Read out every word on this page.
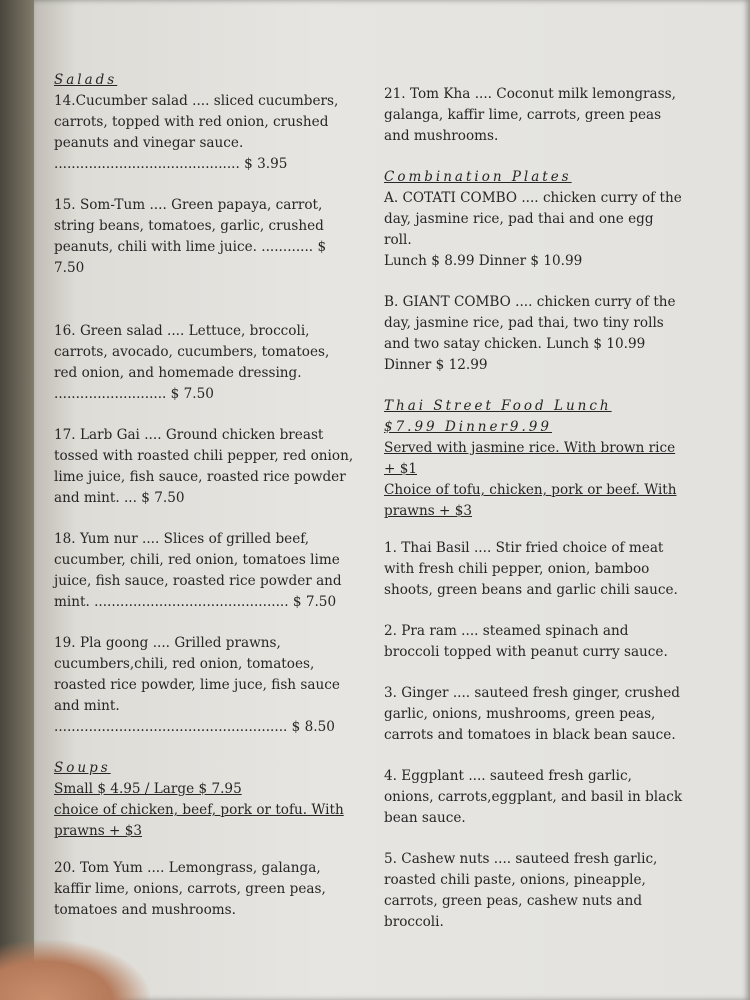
Salads
14.Cucumber salad .... sliced cucumbers, carrots, topped with red onion, crushed peanuts and vinegar sauce.
........................................... $ 3.95
15. Som-Tum .... Green papaya, carrot, string beans, tomatoes, garlic, crushed peanuts, chili with lime juice. ............ $ 7.50
16. Green salad .... Lettuce, broccoli, carrots, avocado, cucumbers, tomatoes, red onion, and homemade dressing. .......................... $ 7.50
17. Larb Gai .... Ground chicken breast tossed with roasted chili pepper, red onion, lime juice, fish sauce, roasted rice powder and mint. ... $ 7.50
18. Yum nur .... Slices of grilled beef, cucumber, chili, red onion, tomatoes lime juice, fish sauce, roasted rice powder and mint. ............................................. $ 7.50
19. Pla goong .... Grilled prawns, cucumbers,chili, red onion, tomatoes, roasted rice powder, lime juce, fish sauce and mint.
...................................................... $ 8.50
Soups
Small $ 4.95 / Large $ 7.95
choice of chicken, beef, pork or tofu. With prawns + $3
20. Tom Yum .... Lemongrass, galanga, kaffir lime, onions, carrots, green peas, tomatoes and mushrooms.
21. Tom Kha .... Coconut milk lemongrass, galanga, kaffir lime, carrots, green peas and mushrooms.
Combination Plates
A. COTATI COMBO .... chicken curry of the day, jasmine rice, pad thai and one egg roll.
Lunch $ 8.99 Dinner $ 10.99
B. GIANT COMBO .... chicken curry of the day, jasmine rice, pad thai, two tiny rolls and two satay chicken. Lunch $ 10.99 Dinner $ 12.99
Thai Street Food Lunch
$7.99 Dinner9.99
Served with jasmine rice. With brown rice + $1
Choice of tofu, chicken, pork or beef. With prawns + $3
1. Thai Basil .... Stir fried choice of meat with fresh chili pepper, onion, bamboo shoots, green beans and garlic chili sauce.
2. Pra ram .... steamed spinach and broccoli topped with peanut curry sauce.
3. Ginger .... sauteed fresh ginger, crushed garlic, onions, mushrooms, green peas, carrots and tomatoes in black bean sauce.
4. Eggplant .... sauteed fresh garlic, onions, carrots,eggplant, and basil in black bean sauce.
5. Cashew nuts .... sauteed fresh garlic, roasted chili paste, onions, pineapple, carrots, green peas, cashew nuts and broccoli.
